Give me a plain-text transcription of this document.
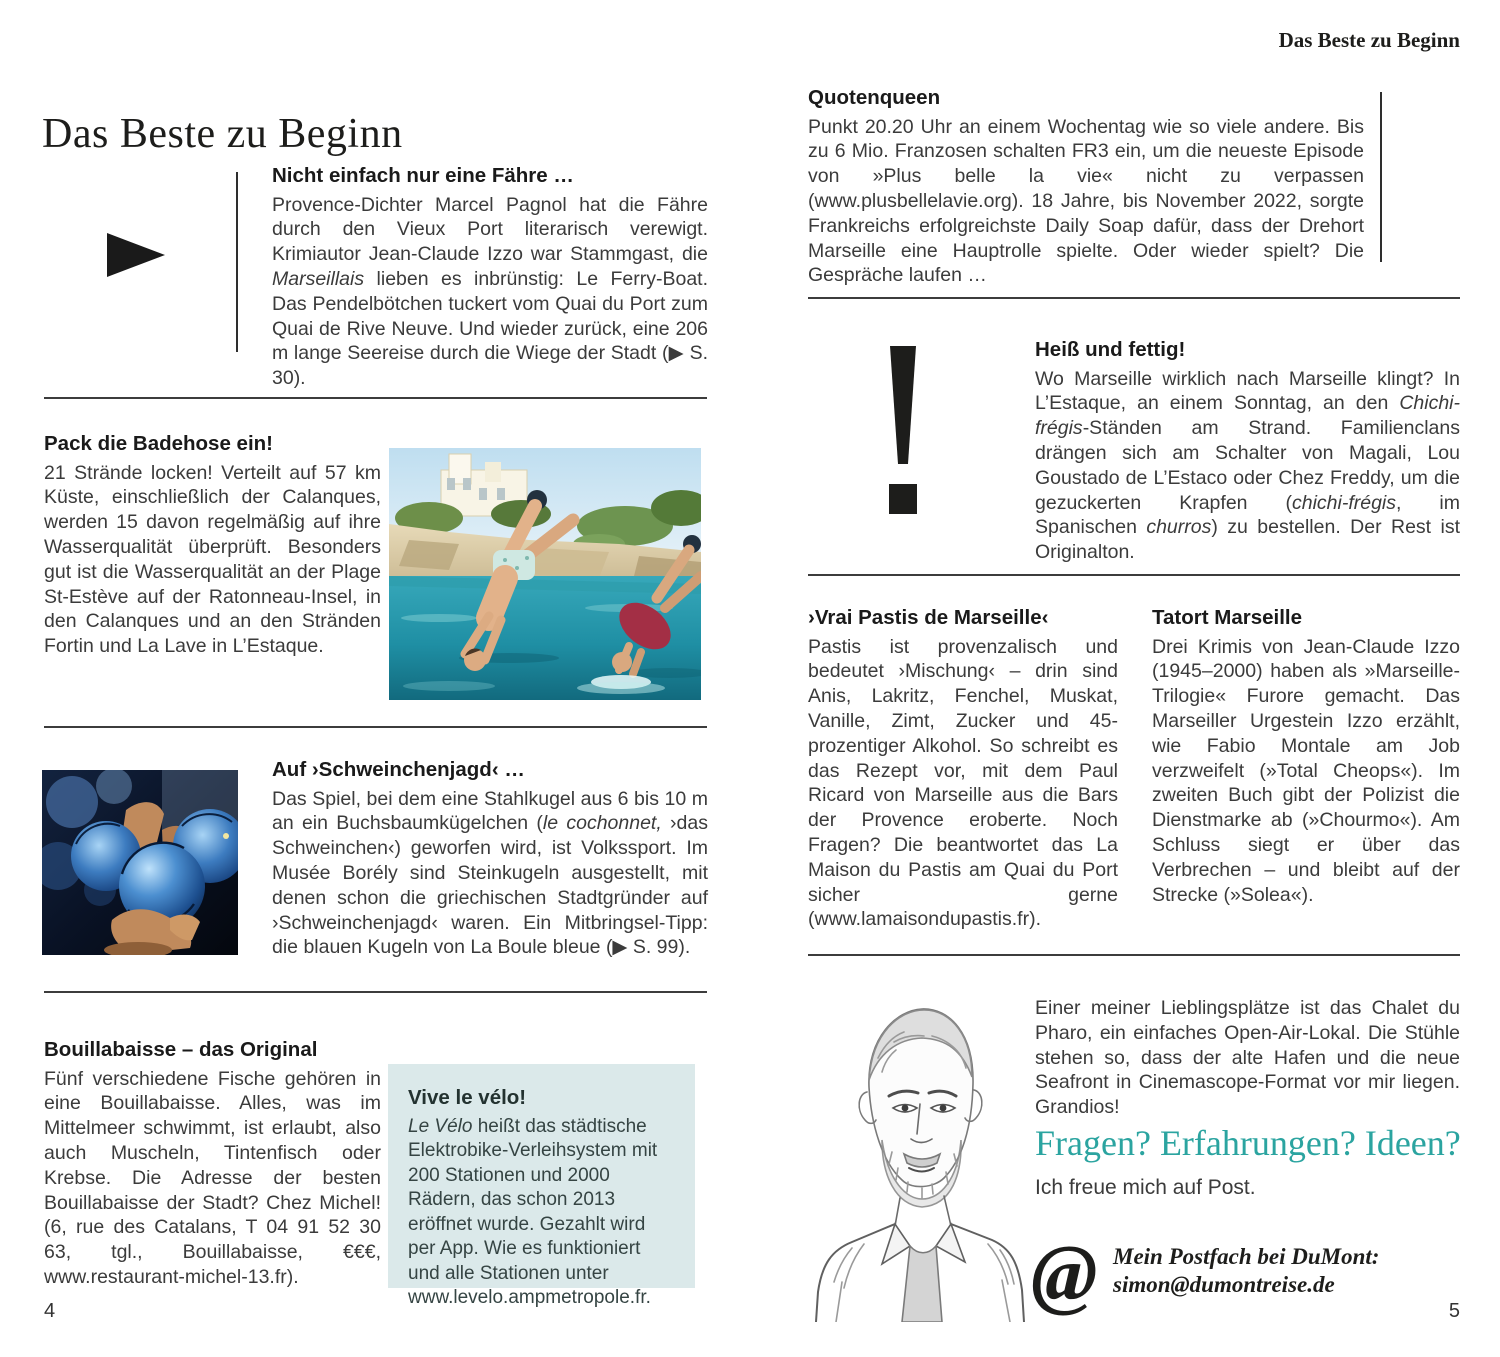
Das Beste zu Beginn
Nicht einfach nur eine Fähre …

Provence-Dichter Marcel Pagnol hat die Fähre durch den Vieux Port literarisch verewigt. Krimiautor Jean-Claude Izzo war Stammgast, die Marseillais lieben es inbrünstig: Le Ferry-Boat. Das Pendelbötchen tuckert vom Quai du Port zum Quai de Rive Neuve. Und wieder zurück, eine 206 m lange Seereise durch die Wiege der Stadt (▶ S. 30).

Pack die Badehose ein!

21 Strände locken! Verteilt auf 57 km Küste, einschließlich der Calanques, werden 15 davon regelmäßig auf ihre Wasserqualität überprüft. Besonders gut ist die Wasserqualität an der Plage St-Estève auf der Ratonneau-Insel, in den Calanques und an den Stränden Fortin und La Lave in L’Estaque.

Auf ›Schweinchenjagd‹ …

Das Spiel, bei dem eine Stahlkugel aus 6 bis 10 m an ein Buchsbaumkügelchen (le cochonnet, ›das Schweinchen‹) geworfen wird, ist Volkssport. Im Musée Borély sind Steinkugeln ausgestellt, mit denen schon die griechischen Stadtgründer auf ›Schweinchenjagd‹ waren. Ein Mitbringsel-Tipp: die blauen Kugeln von La Boule bleue (▶ S. 99).

Bouillabaisse – das Original

Fünf verschiedene Fische gehören in eine Bouillabaisse. Alles, was im Mittelmeer schwimmt, ist erlaubt, also auch Muscheln, Tintenfisch oder Krebse. Die Adresse der besten Bouillabaisse der Stadt? Chez Michel! (6, rue des Catalans, T 04 91 52 30 63, tgl., Bouillabaisse, €€€, www.restaurant-michel-13.fr).

Vive le vélo!

Le Vélo heißt das städtische Elektrobike-Verleihsystem mit 200 Stationen und 2000 Rädern, das schon 2013 eröffnet wurde. Gezahlt wird per App. Wie es funktioniert und alle Stationen unter www.levelo.ampmetropole.fr.

4
Das Beste zu Beginn
Quotenqueen

Punkt 20.20 Uhr an einem Wochentag wie so viele andere. Bis zu 6 Mio. Franzosen schalten FR3 ein, um die neueste Episode von »Plus belle la vie« nicht zu verpassen (www.plusbellelavie.org). 18 Jahre, bis November 2022, sorgte Frankreichs erfolgreichste Daily Soap dafür, dass der Drehort Marseille eine Hauptrolle spielte. Oder wieder spielt? Die Gespräche laufen …

Heiß und fettig!

Wo Marseille wirklich nach Marseille klingt? In L’Estaque, an einem Sonntag, an den Chichi-frégis-Ständen am Strand. Familienclans drängen sich am Schalter von Magali, Lou Goustado de L’Estaco oder Chez Freddy, um die gezuckerten Krapfen (chichi-frégis, im Spanischen churros) zu bestellen. Der Rest ist Originalton.

›Vrai Pastis de Marseille‹

Pastis ist provenzalisch und bedeutet ›Mischung‹ – drin sind Anis, Lakritz, Fenchel, Muskat, Vanille, Zimt, Zucker und 45-prozentiger Alkohol. So schreibt es das Rezept vor, mit dem Paul Ricard von Marseille aus die Bars der Provence eroberte. Noch Fragen? Die beantwortet das La Maison du Pastis am Quai du Port sicher gerne (www.lamaisondupastis.fr).

Tatort Marseille

Drei Krimis von Jean-Claude Izzo (1945–2000) haben als »Marseille-Trilogie« Furore gemacht. Das Marseiller Urgestein Izzo erzählt, wie Fabio Montale am Job verzweifelt (»Total Cheops«). Im zweiten Buch gibt der Polizist die Dienstmarke ab (»Chourmo«). Am Schluss siegt er über das Verbrechen – und bleibt auf der Strecke (»Solea«).

Einer meiner Lieblingsplätze ist das Chalet du Pharo, ein einfaches Open-Air-Lokal. Die Stühle stehen so, dass der alte Hafen und die neue Seafront in Cinemascope-Format vor mir liegen. Grandios!

Fragen? Erfahrungen? Ideen?
Ich freue mich auf Post.
@ Mein Postfach bei DuMont:
simon@dumontreise.de
5
